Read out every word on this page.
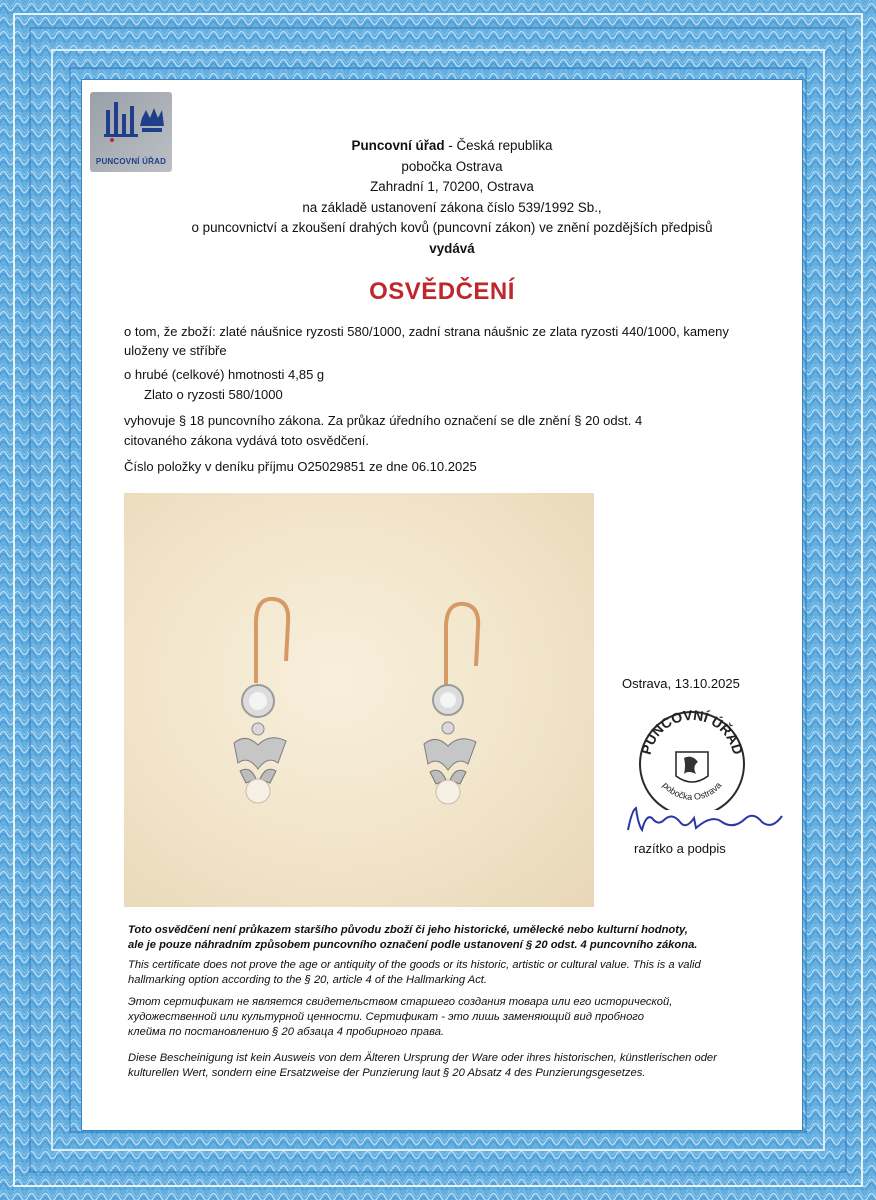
PUNCOVNÍ ÚŘAD
Puncovní úřad - Česká republika
pobočka Ostrava
Zahradní 1, 70200, Ostrava
na základě ustanovení zákona číslo 539/1992 Sb.,
o puncovnictví a zkoušení drahých kovů (puncovní zákon) ve znění pozdějších předpisů
vydává
OSVĚDČENÍ
o tom, že zboží: zlaté náušnice ryzosti 580/1000, zadní strana náušnic ze zlata ryzosti 440/1000, kameny
uloženy ve stříbře
o hrubé (celkové) hmotnosti 4,85 g
Zlato o ryzosti 580/1000
vyhovuje § 18 puncovního zákona. Za průkaz úředního označení se dle znění § 20 odst. 4
citovaného zákona vydává toto osvědčení.
Číslo položky v deníku příjmu O25029851 ze dne 06.10.2025
Ostrava, 13.10.2025
PUNCOVNÍ ÚŘAD
pobočka Ostrava
razítko a podpis
Toto osvědčení není průkazem staršího původu zboží či jeho historické, umělecké nebo kulturní hodnoty,
ale je pouze náhradním způsobem puncovního označení podle ustanovení § 20 odst. 4 puncovního zákona.
This certificate does not prove the age or antiquity of the goods or its historic, artistic or cultural value. This is a valid
hallmarking option according to the § 20, article 4 of the Hallmarking Act.
Этот сертификат не является свидетельством старшего создания товара или его исторической,
художественной или культурной ценности. Сертификат - это лишь заменяющий вид пробного
клейма по постановлению § 20 абзаца 4 пробирного права.
Diese Bescheinigung ist kein Ausweis von dem Älteren Ursprung der Ware oder ihres historischen, künstlerischen oder
kulturellen Wert, sondern eine Ersatzweise der Punzierung laut § 20 Absatz 4 des Punzierungsgesetzes.
